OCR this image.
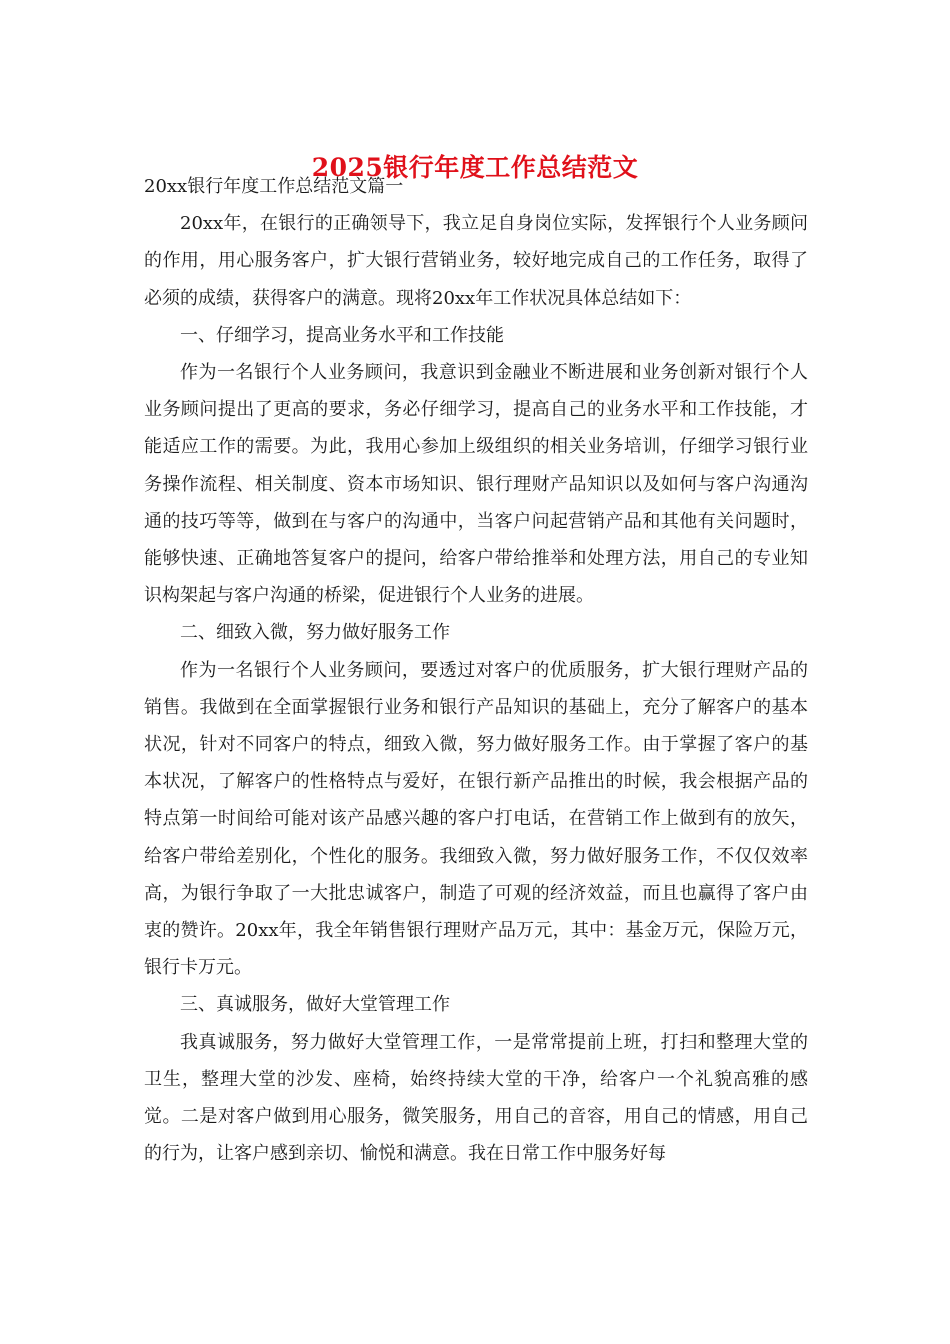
2025银行年度工作总结范文

20xx银行年度工作总结范文篇一

20xx年，在银行的正确领导下，我立足自身岗位实际，发挥银行个人业务顾问的作用，用心服务客户，扩大银行营销业务，较好地完成自己的工作任务，取得了必须的成绩，获得客户的满意。现将20xx年工作状况具体总结如下：

一、仔细学习，提高业务水平和工作技能

作为一名银行个人业务顾问，我意识到金融业不断进展和业务创新对银行个人业务顾问提出了更高的要求，务必仔细学习，提高自己的业务水平和工作技能，才能适应工作的需要。为此，我用心参加上级组织的相关业务培训，仔细学习银行业务操作流程、相关制度、资本市场知识、银行理财产品知识以及如何与客户沟通沟通的技巧等等，做到在与客户的沟通中，当客户问起营销产品和其他有关问题时，能够快速、正确地答复客户的提问，给客户带给推举和处理方法，用自己的专业知识构架起与客户沟通的桥梁，促进银行个人业务的进展。

二、细致入微，努力做好服务工作

作为一名银行个人业务顾问，要透过对客户的优质服务，扩大银行理财产品的销售。我做到在全面掌握银行业务和银行产品知识的基础上，充分了解客户的基本状况，针对不同客户的特点，细致入微，努力做好服务工作。由于掌握了客户的基本状况，了解客户的性格特点与爱好，在银行新产品推出的时候，我会根据产品的特点第一时间给可能对该产品感兴趣的客户打电话，在营销工作上做到有的放矢，给客户带给差别化，个性化的服务。我细致入微，努力做好服务工作，不仅仅效率高，为银行争取了一大批忠诚客户，制造了可观的经济效益，而且也赢得了客户由衷的赞许。20xx年，我全年销售银行理财产品万元，其中：基金万元，保险万元，银行卡万元。

三、真诚服务，做好大堂管理工作

我真诚服务，努力做好大堂管理工作，一是常常提前上班，打扫和整理大堂的卫生，整理大堂的沙发、座椅，始终持续大堂的干净，给客户一个礼貌高雅的感觉。二是对客户做到用心服务，微笑服务，用自己的音容，用自己的情感，用自己的行为，让客户感到亲切、愉悦和满意。我在日常工作中服务好每
